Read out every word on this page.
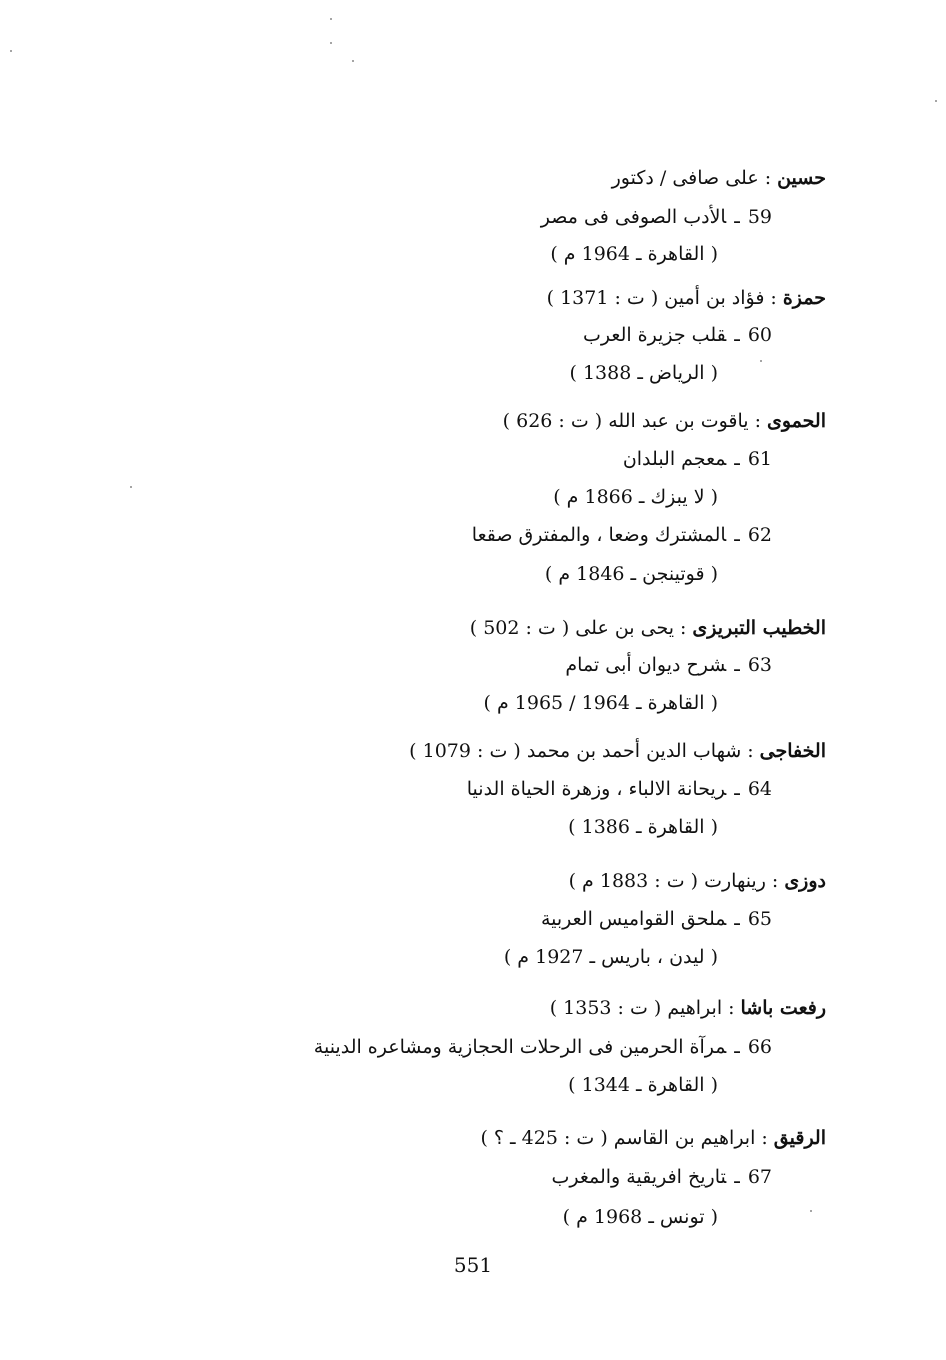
حسين:على صافى / دكتور
59ـالأدب الصوفى فى مصر
( القاهرة ـ 1964 م )
حمزة:فؤاد بن أمين ( ت : 1371 )
60ـقلب جزيرة العرب
( الرياض ـ 1388 )
الحموى:ياقوت بن عبد الله ( ت : 626 )
61ـمعجم البلدان
( لا يبزك ـ 1866 م )
62ـالمشترك وضعا ، والمفترق صقعا
( قوتينجن ـ 1846 م )
الخطيب التبريزى:يحى بن على ( ت : 502 )
63ـشرح ديوان أبى تمام
( القاهرة ـ 1964 / 1965 م )
الخفاجى:شهاب الدين أحمد بن محمد ( ت : 1079 )
64ـريحانة الالباء ، وزهرة الحياة الدنيا
( القاهرة ـ 1386 )
دوزى:رينهارت ( ت : 1883 م )
65ـملحق القواميس العربية
( ليدن ، باريس ـ 1927 م )
رفعت باشا:ابراهيم ( ت : 1353 )
66ـمرآة الحرمين فى الرحلات الحجازية ومشاعره الدينية
( القاهرة ـ 1344 )
الرقيق:ابراهيم بن القاسم ( ت : 425 ـ ؟ )
67ـتاريخ افريقية والمغرب
( تونس ـ 1968 م )
551
